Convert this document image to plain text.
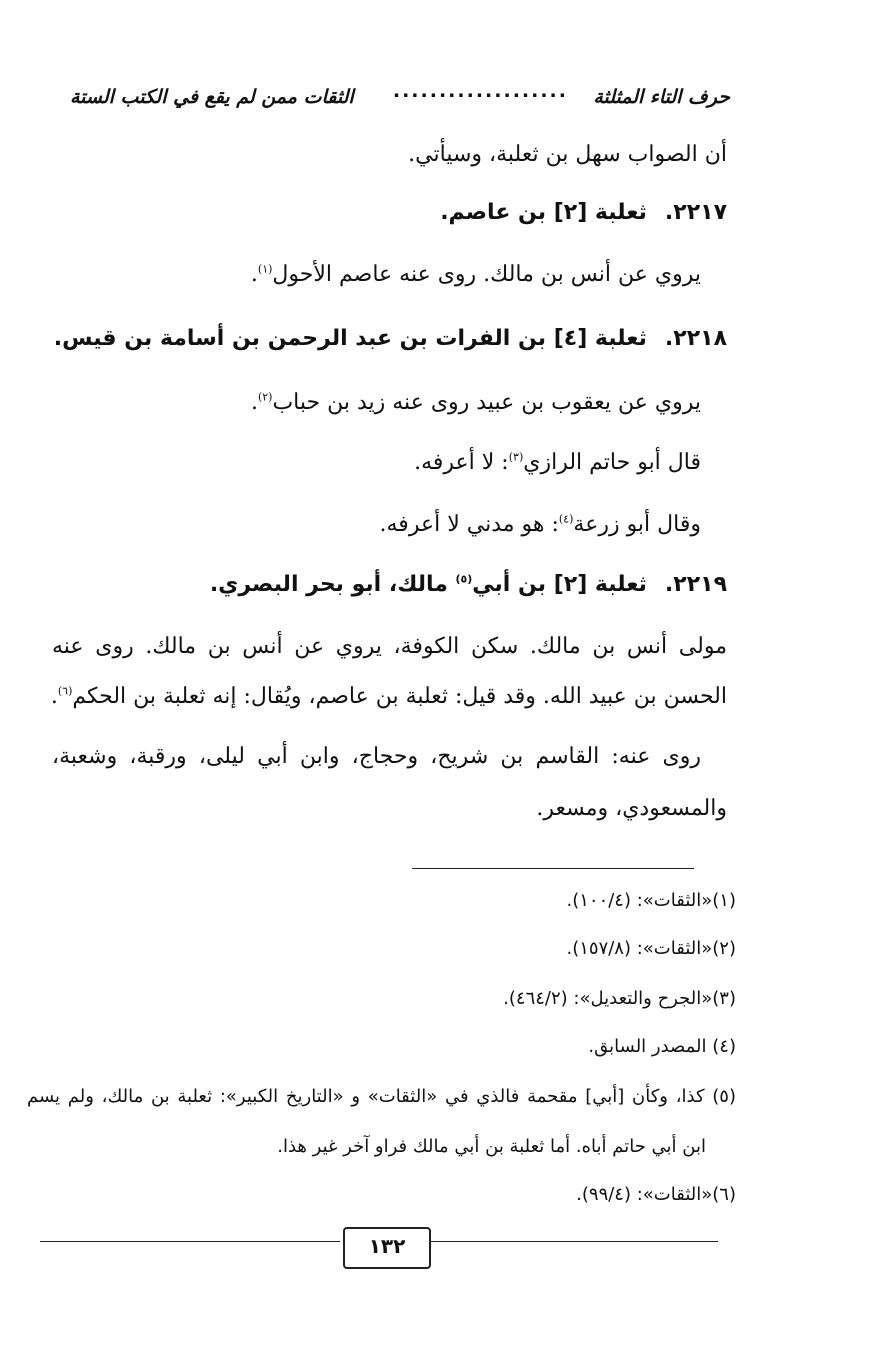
حرف التاء المثلثة
...................
الثقات ممن لم يقع في الكتب الستة
أن الصواب سهل بن ثعلبة، وسيأتي.
٢٢١٧.ثعلبة [٢] بن عاصم.
يروي عن أنس بن مالك. روى عنه عاصم الأحول$^{(١)}$.
٢٢١٨.ثعلبة [٤] بن الفرات بن عبد الرحمن بن أسامة بن قيس.
يروي عن يعقوب بن عبيد روى عنه زيد بن حباب$^{(٢)}$.
قال أبو حاتم الرازي$^{(٣)}$: لا أعرفه.
وقال أبو زرعة$^{(٤)}$: هو مدني لا أعرفه.
٢٢١٩.ثعلبة [٢] بن أبي$^{(٥)}$ مالك، أبو بحر البصري.
مولى أنس بن مالك. سكن الكوفة، يروي عن أنس بن مالك. روى عنه
الحسن بن عبيد الله. وقد قيل: ثعلبة بن عاصم، ويُقال: إنه ثعلبة بن الحكم$^{(٦)}$.
روى عنه: القاسم بن شريح، وحجاج، وابن أبي ليلى، ورقبة، وشعبة،
والمسعودي، ومسعر.
(١)«الثقات»: (١٠٠/٤).
(٢)«الثقات»: (١٥٧/٨).
(٣)«الجرح والتعديل»: (٤٦٤/٢).
(٤) المصدر السابق.
(٥) كذا، وكأن [أبي] مقحمة فالذي في «الثقات» و «التاريخ الكبير»: ثعلبة بن مالك، ولم يسم
ابن أبي حاتم أباه. أما ثعلبة بن أبي مالك فراو آخر غير هذا.
(٦)«الثقات»: (٩٩/٤).
١٣٢
